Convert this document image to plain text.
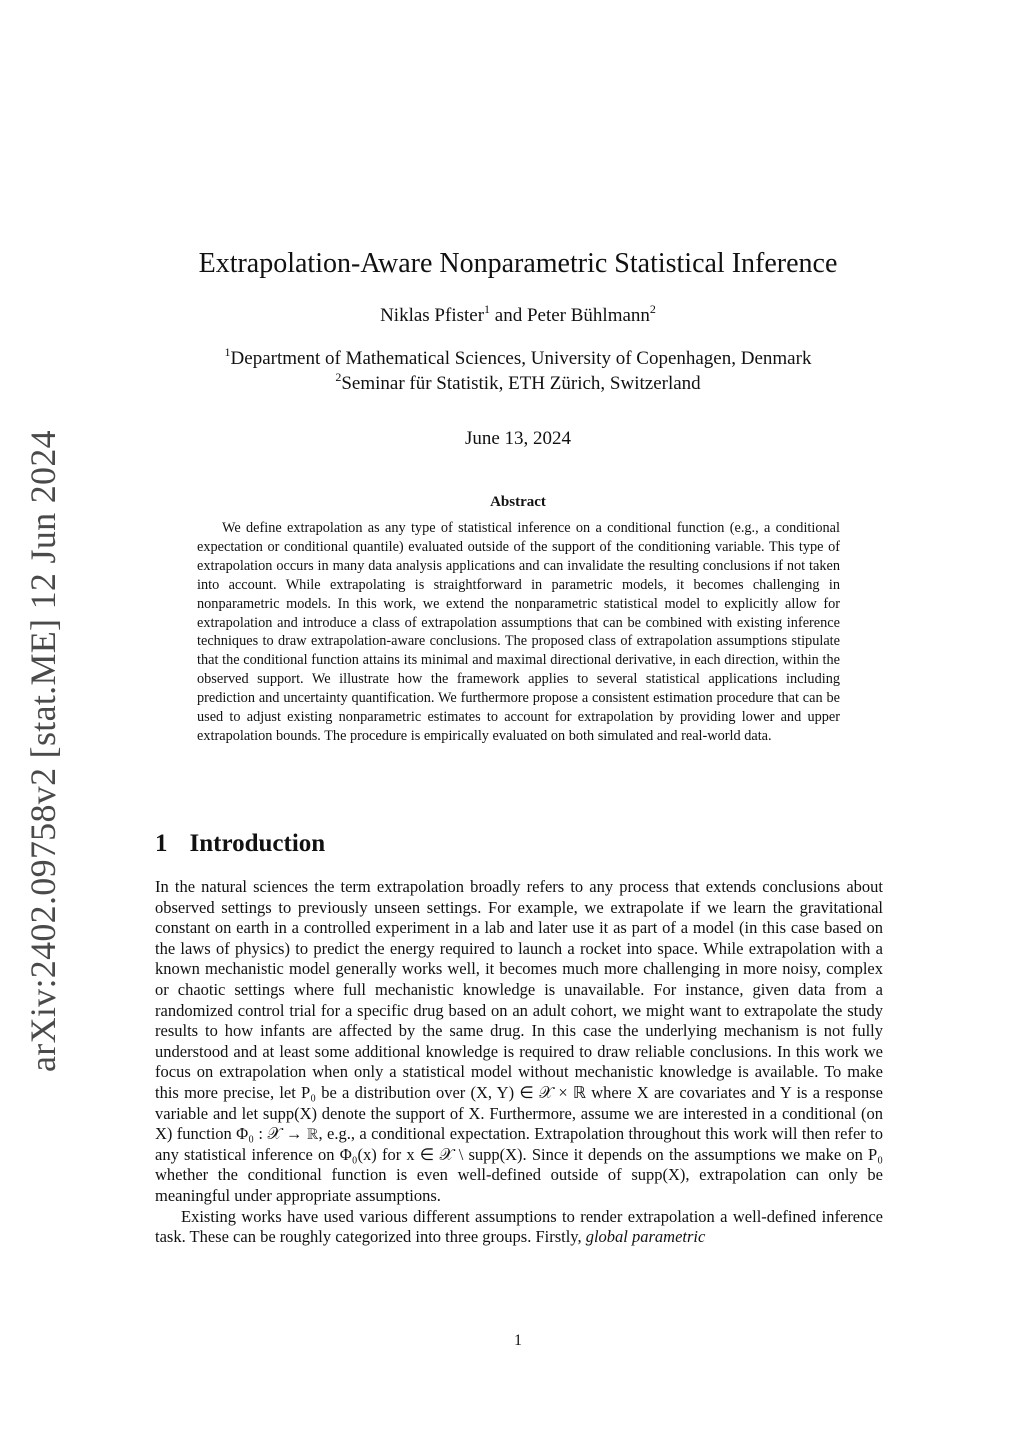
arXiv:2402.09758v2 [stat.ME] 12 Jun 2024
Extrapolation-Aware Nonparametric Statistical Inference
Niklas Pfister$^1$ and Peter Bühlmann$^2$
$^1$Department of Mathematical Sciences, University of Copenhagen, Denmark
$^2$Seminar für Statistik, ETH Zürich, Switzerland
June 13, 2024
Abstract
We define extrapolation as any type of statistical inference on a conditional function (e.g., a conditional expectation or conditional quantile) evaluated outside of the support of the conditioning variable. This type of extrapolation occurs in many data analysis applications and can invalidate the resulting conclusions if not taken into account. While extrapolating is straightforward in parametric models, it becomes challenging in nonparametric models. In this work, we extend the nonparametric statistical model to explicitly allow for extrapolation and introduce a class of extrapolation assumptions that can be combined with existing inference techniques to draw extrapolation-aware conclusions. The proposed class of extrapolation assumptions stipulate that the conditional function attains its minimal and maximal directional derivative, in each direction, within the observed support. We illustrate how the framework applies to several statistical applications including prediction and uncertainty quantification. We furthermore propose a consistent estimation procedure that can be used to adjust existing nonparametric estimates to account for extrapolation by providing lower and upper extrapolation bounds. The procedure is empirically evaluated on both simulated and real-world data.
1 Introduction

In the natural sciences the term extrapolation broadly refers to any process that extends conclusions about observed settings to previously unseen settings. For example, we extrapolate if we learn the gravitational constant on earth in a controlled experiment in a lab and later use it as part of a model (in this case based on the laws of physics) to predict the energy required to launch a rocket into space. While extrapolation with a known mechanistic model generally works well, it becomes much more challenging in more noisy, complex or chaotic settings where full mechanistic knowledge is unavailable. For instance, given data from a randomized control trial for a specific drug based on an adult cohort, we might want to extrapolate the study results to how infants are affected by the same drug. In this case the underlying mechanism is not fully understood and at least some additional knowledge is required to draw reliable conclusions. In this work we focus on extrapolation when only a statistical model without mechanistic knowledge is available. To make this more precise, let P₀ be a distribution over (X, Y) ∈ 𝒳 × ℝ where X are covariates and Y is a response variable and let supp(X) denote the support of X. Furthermore, assume we are interested in a conditional (on X) function Φ₀ : 𝒳 → ℝ, e.g., a conditional expectation. Extrapolation throughout this work will then refer to any statistical inference on Φ₀(x) for x ∈ 𝒳 \ supp(X). Since it depends on the assumptions we make on P₀ whether the conditional function is even well-defined outside of supp(X), extrapolation can only be meaningful under appropriate assumptions.

Existing works have used various different assumptions to render extrapolation a well-defined inference task. These can be roughly categorized into three groups. Firstly, global parametric

1
